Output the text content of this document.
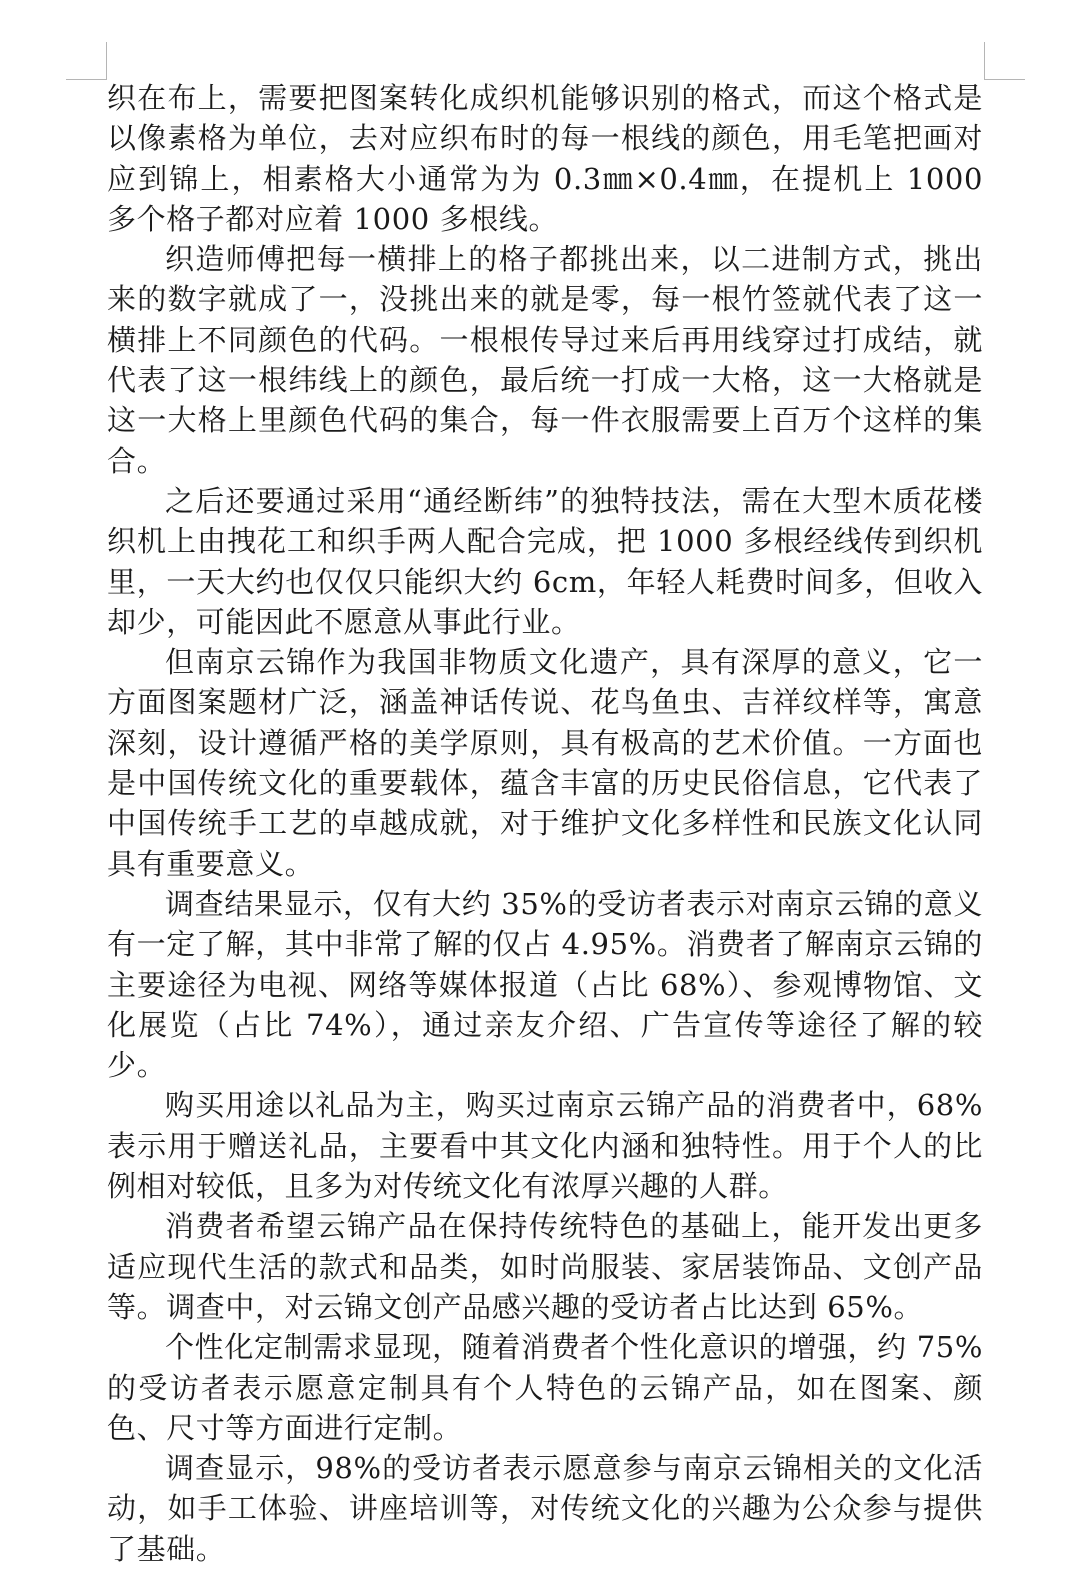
织在布上，需要把图案转化成织机能够识别的格式，而这个格式是以像素格为单位，去对应织布时的每一根线的颜色，用毛笔把画对应到锦上，相素格大小通常为为 0.3㎜×0.4㎜，在提机上 1000 多个格子都对应着 1000 多根线。

织造师傅把每一横排上的格子都挑出来，以二进制方式，挑出来的数字就成了一，没挑出来的就是零，每一根竹签就代表了这一横排上不同颜色的代码。一根根传导过来后再用线穿过打成结，就代表了这一根纬线上的颜色，最后统一打成一大格，这一大格就是这一大格上里颜色代码的集合，每一件衣服需要上百万个这样的集合。

之后还要通过采用“通经断纬”的独特技法，需在大型木质花楼织机上由拽花工和织手两人配合完成，把 1000 多根经线传到织机里，一天大约也仅仅只能织大约 6cm，年轻人耗费时间多，但收入却少，可能因此不愿意从事此行业。

但南京云锦作为我国非物质文化遗产，具有深厚的意义，它一方面图案题材广泛，涵盖神话传说、花鸟鱼虫、吉祥纹样等，寓意深刻，设计遵循严格的美学原则，具有极高的艺术价值。一方面也是中国传统文化的重要载体，蕴含丰富的历史民俗信息，它代表了中国传统手工艺的卓越成就，对于维护文化多样性和民族文化认同具有重要意义。

调查结果显示，仅有大约 35%的受访者表示对南京云锦的意义有一定了解，其中非常了解的仅占 4.95%。消费者了解南京云锦的主要途径为电视、网络等媒体报道（占比 68%）、参观博物馆、文化展览（占比 74%），通过亲友介绍、广告宣传等途径了解的较少。

购买用途以礼品为主，购买过南京云锦产品的消费者中，68%表示用于赠送礼品，主要看中其文化内涵和独特性。用于个人的比例相对较低，且多为对传统文化有浓厚兴趣的人群。

消费者希望云锦产品在保持传统特色的基础上，能开发出更多适应现代生活的款式和品类，如时尚服装、家居装饰品、文创产品等。调查中，对云锦文创产品感兴趣的受访者占比达到 65%。

个性化定制需求显现，随着消费者个性化意识的增强，约 75%的受访者表示愿意定制具有个人特色的云锦产品，如在图案、颜色、尺寸等方面进行定制。

调查显示，98%的受访者表示愿意参与南京云锦相关的文化活动，如手工体验、讲座培训等，对传统文化的兴趣为公众参与提供了基础。
